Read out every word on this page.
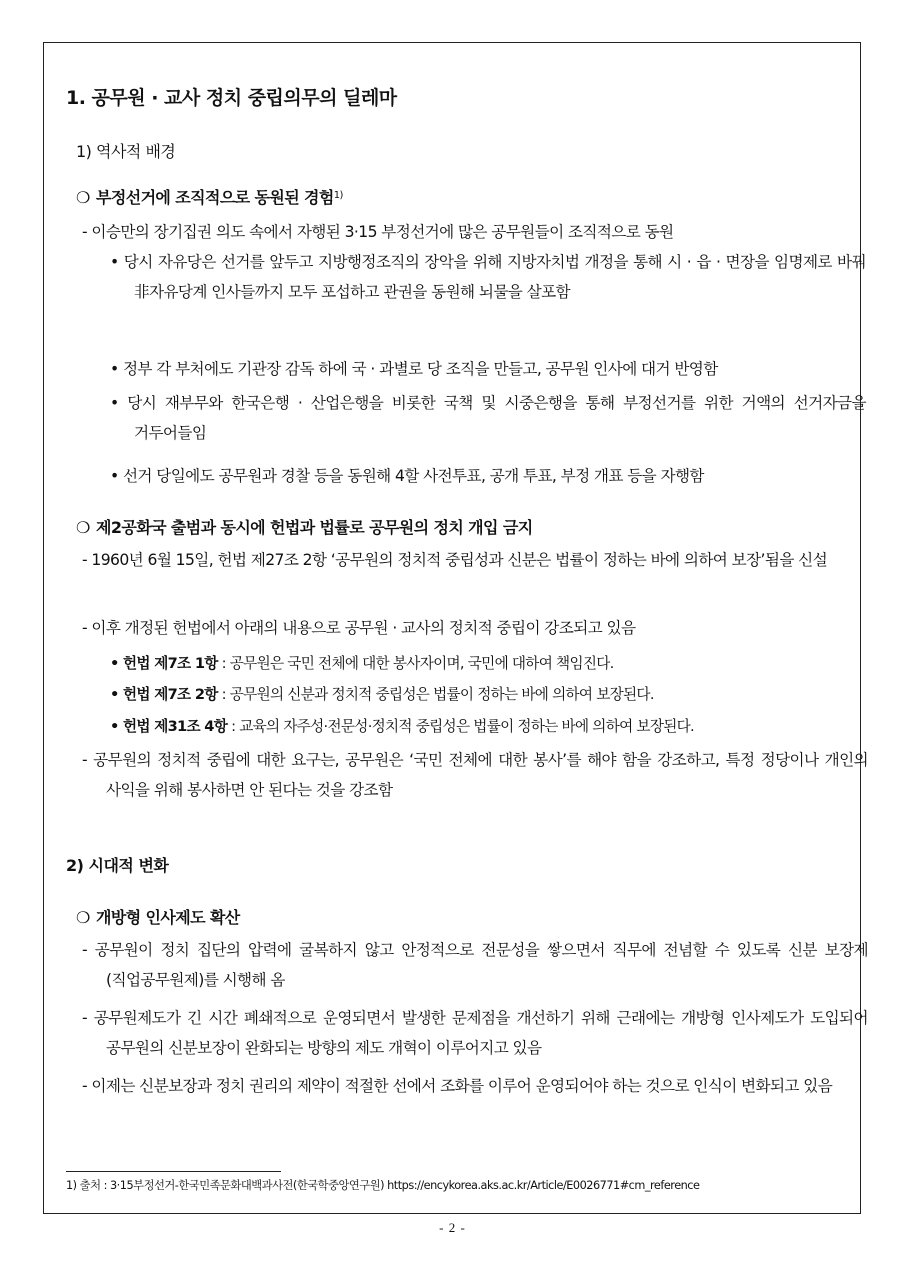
1. 공무원 · 교사 정치 중립의무의 딜레마
1) 역사적 배경
❍ 부정선거에 조직적으로 동원된 경험$^{1)}$
- 이승만의 장기집권 의도 속에서 자행된 3·15 부정선거에 많은 공무원들이 조직적으로 동원
• 당시 자유당은 선거를 앞두고 지방행정조직의 장악을 위해 지방자치법 개정을 통해 시 · 읍 · 면장을 임명제로 바꿔 非자유당계 인사들까지 모두 포섭하고 관권을 동원해 뇌물을 살포함
• 정부 각 부처에도 기관장 감독 하에 국 · 과별로 당 조직을 만들고, 공무원 인사에 대거 반영함
• 당시 재부무와 한국은행 · 산업은행을 비롯한 국책 및 시중은행을 통해 부정선거를 위한 거액의 선거자금을 거두어들임
• 선거 당일에도 공무원과 경찰 등을 동원해 4할 사전투표, 공개 투표, 부정 개표 등을 자행함
❍ 제2공화국 출범과 동시에 헌법과 법률로 공무원의 정치 개입 금지
- 1960년 6월 15일, 헌법 제27조 2항 ‘공무원의 정치적 중립성과 신분은 법률이 정하는 바에 의하여 보장’됨을 신설
- 이후 개정된 헌법에서 아래의 내용으로 공무원 · 교사의 정치적 중립이 강조되고 있음
• 헌법 제7조 1항 : 공무원은 국민 전체에 대한 봉사자이며, 국민에 대하여 책임진다.
• 헌법 제7조 2항 : 공무원의 신분과 정치적 중립성은 법률이 정하는 바에 의하여 보장된다.
• 헌법 제31조 4항 : 교육의 자주성·전문성·정치적 중립성은 법률이 정하는 바에 의하여 보장된다.
- 공무원의 정치적 중립에 대한 요구는, 공무원은 ‘국민 전체에 대한 봉사’를 해야 함을 강조하고, 특정 정당이나 개인의 사익을 위해 봉사하면 안 된다는 것을 강조함
2) 시대적 변화
❍ 개방형 인사제도 확산
- 공무원이 정치 집단의 압력에 굴복하지 않고 안정적으로 전문성을 쌓으면서 직무에 전념할 수 있도록 신분 보장제(직업공무원제)를 시행해 옴
- 공무원제도가 긴 시간 폐쇄적으로 운영되면서 발생한 문제점을 개선하기 위해 근래에는 개방형 인사제도가 도입되어 공무원의 신분보장이 완화되는 방향의 제도 개혁이 이루어지고 있음
- 이제는 신분보장과 정치 권리의 제약이 적절한 선에서 조화를 이루어 운영되어야 하는 것으로 인식이 변화되고 있음
1) 출처 : 3·15부정선거-한국민족문화대백과사전(한국학중앙연구원) https://encykorea.aks.ac.kr/Article/E0026771#cm_reference
- 2 -
